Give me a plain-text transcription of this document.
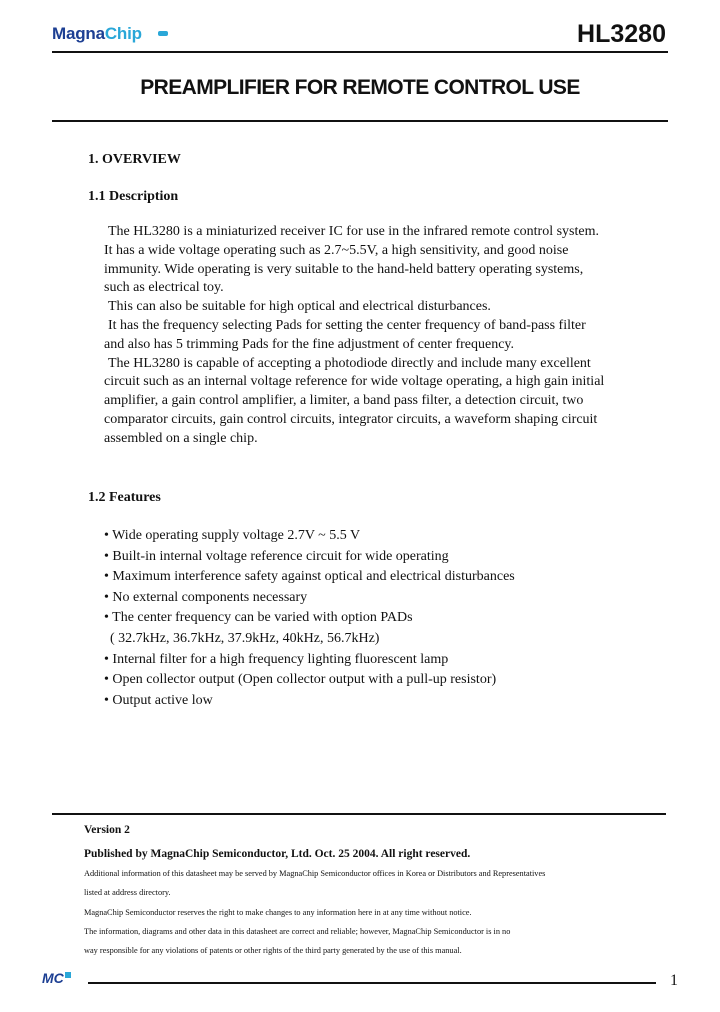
MagnaChip	HL3280
PREAMPLIFIER FOR REMOTE CONTROL USE
1. OVERVIEW
1.1 Description

The HL3280 is a miniaturized receiver IC for use in the infrared remote control system.

It has a wide voltage operating such as 2.7~5.5V, a high sensitivity, and good noise

immunity. Wide operating is very suitable to the hand-held battery operating systems,

such as electrical toy.

This can also be suitable for high optical and electrical disturbances.

It has the frequency selecting Pads for setting the center frequency of band-pass filter

and also has 5 trimming Pads for the fine adjustment of center frequency.

The HL3280 is capable of accepting a photodiode directly and include many excellent

circuit such as an internal voltage reference for wide voltage operating, a high gain initial

amplifier, a gain control amplifier, a limiter, a band pass filter, a detection circuit, two

comparator circuits, gain control circuits, integrator circuits, a waveform shaping circuit

assembled on a single chip.

1.2 Features
• Wide operating supply voltage 2.7V ~ 5.5 V
• Built-in internal voltage reference circuit for wide operating
• Maximum interference safety against optical and electrical disturbances
• No external components necessary
• The center frequency can be varied with option PADs
( 32.7kHz, 36.7kHz, 37.9kHz, 40kHz, 56.7kHz)
• Internal filter for a high frequency lighting fluorescent lamp
• Open collector output (Open collector output with a pull-up resistor)
• Output active low
Version 2
Published by MagnaChip Semiconductor, Ltd. Oct. 25 2004. All right reserved.

Additional information of this datasheet may be served by MagnaChip Semiconductor offices in Korea or Distributors and Representatives

listed at address directory.

MagnaChip Semiconductor reserves the right to make changes to any information here in at any time without notice.

The information, diagrams and other data in this datasheet are correct and reliable; however, MagnaChip Semiconductor is in no

way responsible for any violations of patents or other rights of the third party generated by the use of this manual.

MC	1
